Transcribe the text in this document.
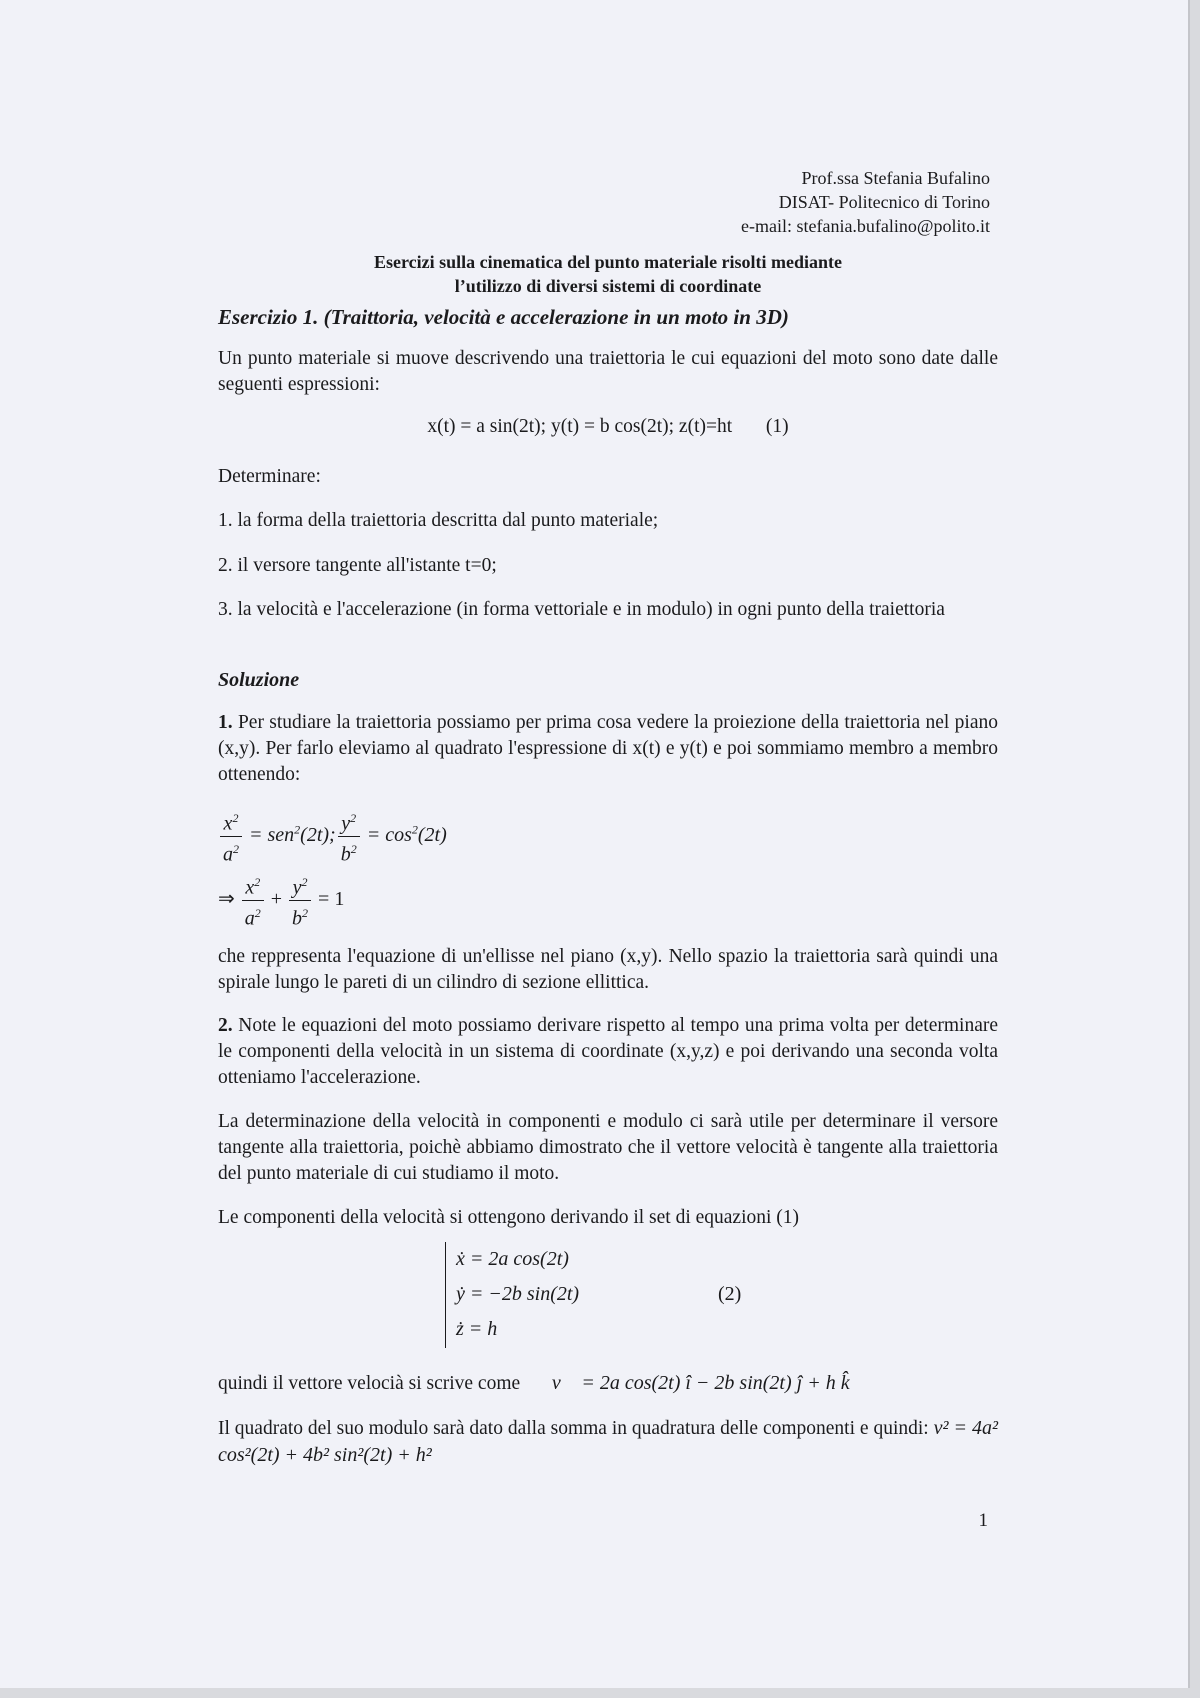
Prof.ssa Stefania Bufalino
DISAT- Politecnico di Torino
e-mail: stefania.bufalino@polito.it
Esercizi sulla cinematica del punto materiale risolti mediante
l’utilizzo di diversi sistemi di coordinate

Esercizio 1. (Traittoria, velocità e accelerazione in un moto in 3D)

Un punto materiale si muove descrivendo una traiettoria le cui equazioni del moto sono date dalle seguenti espressioni:

x(t) = a sin(2t); y(t) = b cos(2t); z(t)=ht (1)

Determinare:

1. la forma della traiettoria descritta dal punto materiale;

2. il versore tangente all'istante t=0;

3. la velocità e l'accelerazione (in forma vettoriale e in modulo) in ogni punto della traiettoria

Soluzione

1. Per studiare la traiettoria possiamo per prima cosa vedere la proiezione della traiettoria nel piano (x,y). Per farlo eleviamo al quadrato l'espressione di x(t) e y(t) e poi sommiamo membro a membro ottenendo:

$\frac{x^2}{a^2} = sen^2(2t)$; $\frac{y^2}{b^2} = \cos^2(2t)$
⇒ $\frac{x^2}{a^2} + \frac{y^2}{b^2} = 1$

che reppresenta l'equazione di un'ellisse nel piano (x,y). Nello spazio la traiettoria sarà quindi una spirale lungo le pareti di un cilindro di sezione ellittica.

2. Note le equazioni del moto possiamo derivare rispetto al tempo una prima volta per determinare le componenti della velocità in un sistema di coordinate (x,y,z) e poi derivando una seconda volta otteniamo l'accelerazione.

La determinazione della velocità in componenti e modulo ci sarà utile per determinare il versore tangente alla traiettoria, poichè abbiamo dimostrato che il vettore velocità è tangente alla traiettoria del punto materiale di cui studiamo il moto.

Le componenti della velocità si ottengono derivando il set di equazioni (1)

ẋ = 2a cos(2t)
ẏ = −2b sin(2t)
ż = h
(2)

quindi il vettore velocià si scrive come v⃗ = 2a cos(2t) î − 2b sin(2t) ĵ + h k̂

Il quadrato del suo modulo sarà dato dalla somma in quadratura delle componenti e quindi: v² = 4a² cos²(2t) + 4b² sin²(2t) + h²

1
